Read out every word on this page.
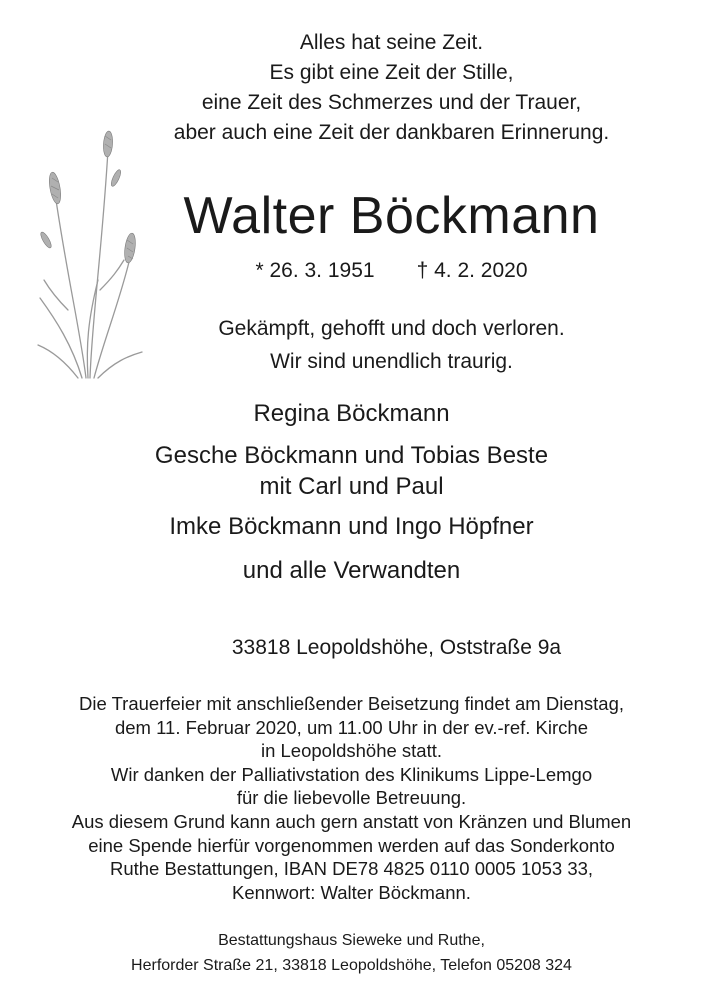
Alles hat seine Zeit.
Es gibt eine Zeit der Stille,
eine Zeit des Schmerzes und der Trauer,
aber auch eine Zeit der dankbaren Erinnerung.
Walter Böckmann
* 26. 3. 1951 † 4. 2. 2020
Gekämpft, gehofft und doch verloren.
Wir sind unendlich traurig.
Regina Böckmann
Gesche Böckmann und Tobias Beste
mit Carl und Paul
Imke Böckmann und Ingo Höpfner
und alle Verwandten
33818 Leopoldshöhe, Oststraße 9a
Die Trauerfeier mit anschließender Beisetzung findet am Dienstag,
dem 11. Februar 2020, um 11.00 Uhr in der ev.-ref. Kirche
in Leopoldshöhe statt.
Wir danken der Palliativstation des Klinikums Lippe-Lemgo
für die liebevolle Betreuung.
Aus diesem Grund kann auch gern anstatt von Kränzen und Blumen
eine Spende hierfür vorgenommen werden auf das Sonderkonto
Ruthe Bestattungen, IBAN DE78 4825 0110 0005 1053 33,
Kennwort: Walter Böckmann.
Bestattungshaus Sieweke und Ruthe,
Herforder Straße 21, 33818 Leopoldshöhe, Telefon 05208 324
